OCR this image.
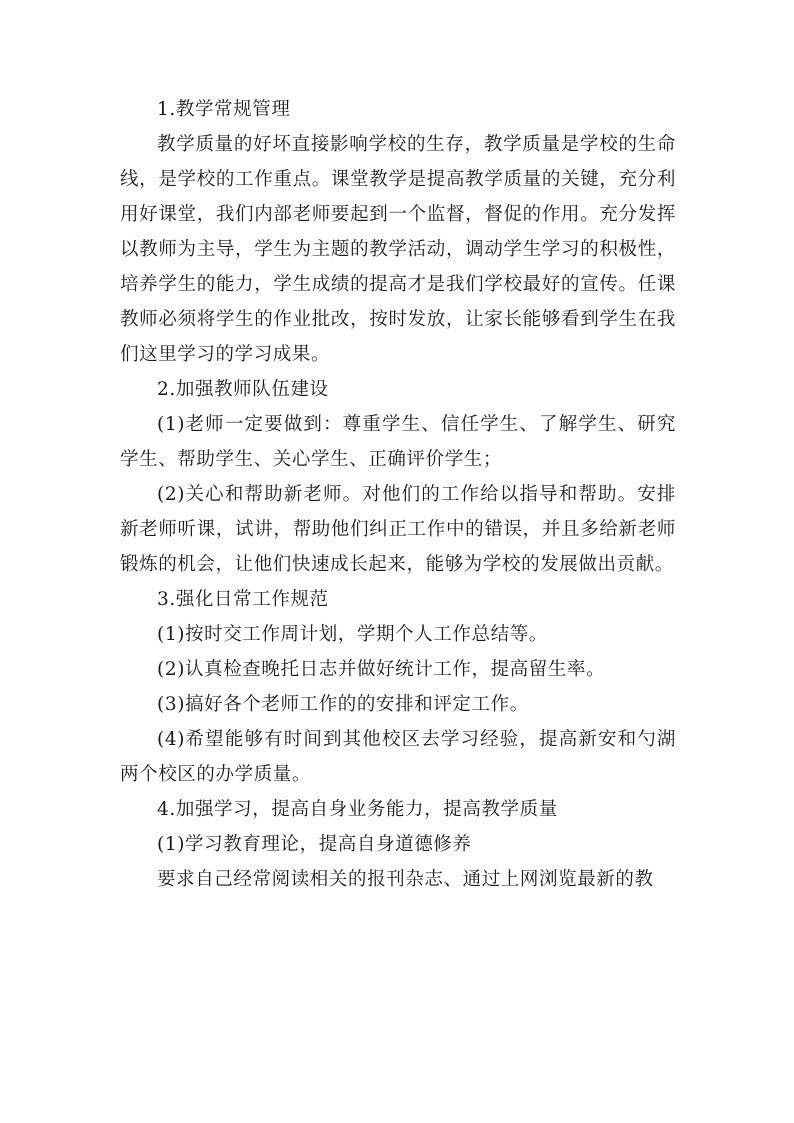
1.教学常规管理

教学质量的好坏直接影响学校的生存，教学质量是学校的生命线，是学校的工作重点。课堂教学是提高教学质量的关键，充分利用好课堂，我们内部老师要起到一个监督，督促的作用。充分发挥以教师为主导，学生为主题的教学活动，调动学生学习的积极性，培养学生的能力，学生成绩的提高才是我们学校最好的宣传。任课教师必须将学生的作业批改，按时发放，让家长能够看到学生在我们这里学习的学习成果。

2.加强教师队伍建设

(1)老师一定要做到：尊重学生、信任学生、了解学生、研究学生、帮助学生、关心学生、正确评价学生；

(2)关心和帮助新老师。对他们的工作给以指导和帮助。安排新老师听课，试讲，帮助他们纠正工作中的错误，并且多给新老师锻炼的机会，让他们快速成长起来，能够为学校的发展做出贡献。

3.强化日常工作规范

(1)按时交工作周计划，学期个人工作总结等。

(2)认真检查晚托日志并做好统计工作，提高留生率。

(3)搞好各个老师工作的的安排和评定工作。

(4)希望能够有时间到其他校区去学习经验，提高新安和勺湖两个校区的办学质量。

4.加强学习，提高自身业务能力，提高教学质量

(1)学习教育理论，提高自身道德修养

要求自己经常阅读相关的报刊杂志、通过上网浏览最新的教
